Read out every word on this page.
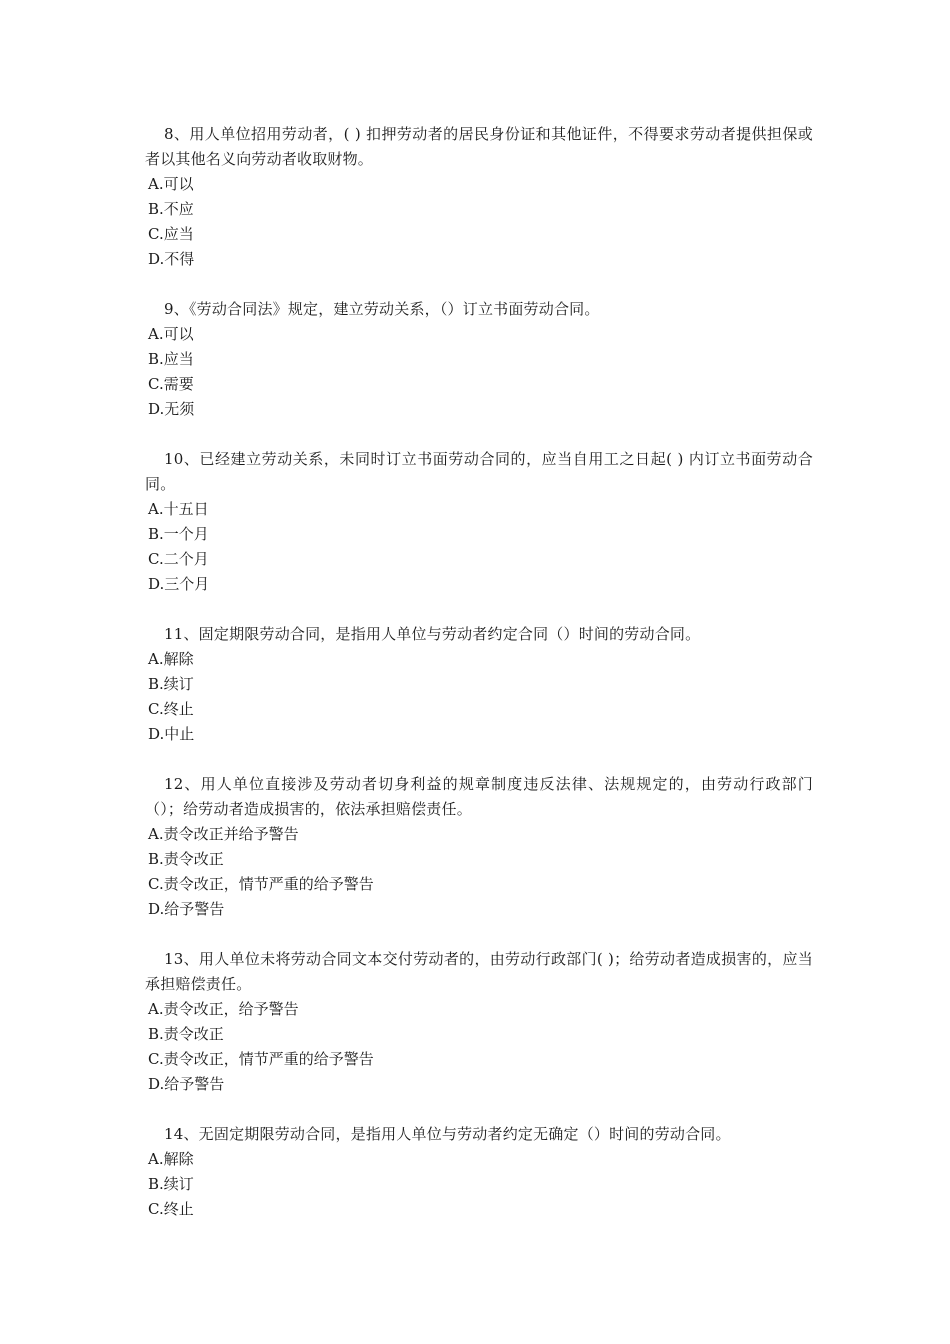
8、用人单位招用劳动者，( ) 扣押劳动者的居民身份证和其他证件，不得要求劳动者提供担保或者以其他名义向劳动者收取财物。

A.可以
B.不应
C.应当
D.不得

9、《劳动合同法》规定，建立劳动关系，（）订立书面劳动合同。

A.可以
B.应当
C.需要
D.无须

10、已经建立劳动关系，未同时订立书面劳动合同的，应当自用工之日起( ) 内订立书面劳动合同。

A.十五日
B.一个月
C.二个月
D.三个月

11、固定期限劳动合同，是指用人单位与劳动者约定合同（）时间的劳动合同。

A.解除
B.续订
C.终止
D.中止

12、用人单位直接涉及劳动者切身利益的规章制度违反法律、法规规定的，由劳动行政部门（）；给劳动者造成损害的，依法承担赔偿责任。

A.责令改正并给予警告
B.责令改正
C.责令改正，情节严重的给予警告
D.给予警告

13、用人单位未将劳动合同文本交付劳动者的，由劳动行政部门( )；给劳动者造成损害的，应当承担赔偿责任。

A.责令改正，给予警告
B.责令改正
C.责令改正，情节严重的给予警告
D.给予警告

14、无固定期限劳动合同，是指用人单位与劳动者约定无确定（）时间的劳动合同。

A.解除
B.续订
C.终止
